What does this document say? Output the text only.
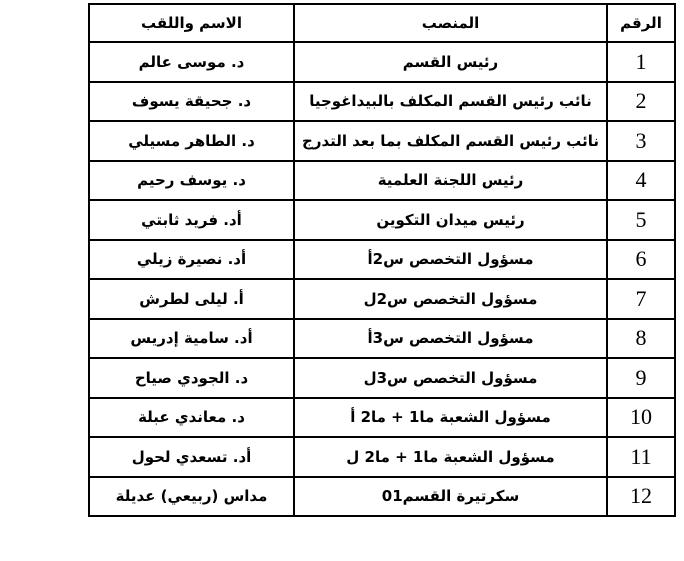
الرقم	المنصب	الاسم واللقب
1	رئيس القسم	د. موسى عالم
2	نائب رئيس القسم المكلف بالبيداغوجيا	د. جحيقة يسوف
3	نائب رئيس القسم المكلف بما بعد التدرج	د. الطاهر مسيلي
4	رئيس اللجنة العلمية	د. يوسف رحيم
5	رئيس ميدان التكوين	أد. فريد ثابتي
6	مسؤول التخصص س2أ	أد. نصيرة زيلي
7	مسؤول التخصص س2ل	أ. ليلى لطرش
8	مسؤول التخصص س3أ	أد. سامية إدريس
9	مسؤول التخصص س3ل	د. الجودي صياح
10	مسؤول الشعبة ما1 + ما2 أ	د. معاندي عبلة
11	مسؤول الشعبة ما1 + ما2 ل	أد. تسعدي لحول
12	سكرتيرة القسم01	مداس (ربيعي) عديلة
